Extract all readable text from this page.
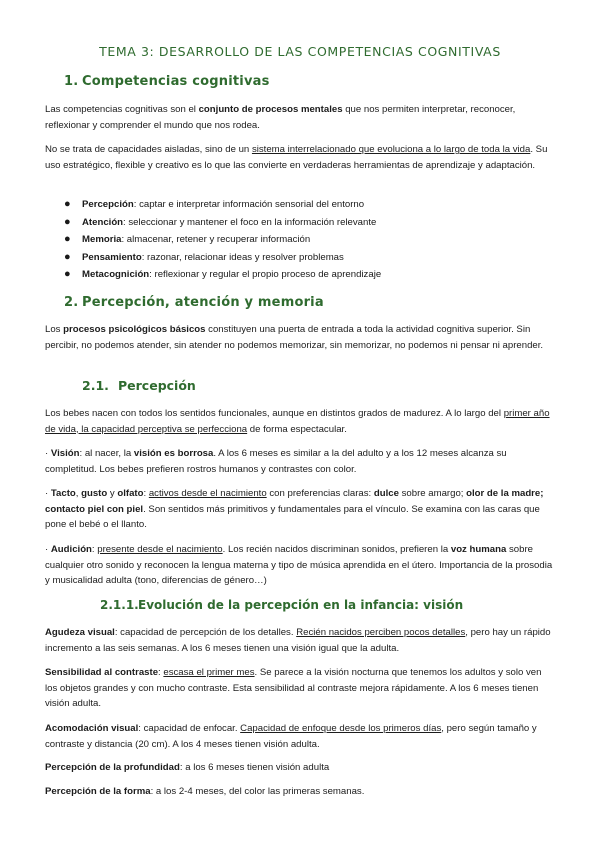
TEMA 3: DESARROLLO DE LAS COMPETENCIAS COGNITIVAS
1. Competencias cognitivas
Las competencias cognitivas son el conjunto de procesos mentales que nos permiten interpretar, reconocer, reflexionar y comprender el mundo que nos rodea.
No se trata de capacidades aisladas, sino de un sistema interrelacionado que evoluciona a lo largo de toda la vida. Su uso estratégico, flexible y creativo es lo que las convierte en verdaderas herramientas de aprendizaje y adaptación.
● Percepción: captar e interpretar información sensorial del entorno
● Atención: seleccionar y mantener el foco en la información relevante
● Memoria: almacenar, retener y recuperar información
● Pensamiento: razonar, relacionar ideas y resolver problemas
● Metacognición: reflexionar y regular el propio proceso de aprendizaje
2. Percepción, atención y memoria
Los procesos psicológicos básicos constituyen una puerta de entrada a toda la actividad cognitiva superior. Sin percibir, no podemos atender, sin atender no podemos memorizar, sin memorizar, no podemos ni pensar ni aprender.
2.1. Percepción
Los bebes nacen con todos los sentidos funcionales, aunque en distintos grados de madurez. A lo largo del primer año de vida, la capacidad perceptiva se perfecciona de forma espectacular.
· Visión: al nacer, la visión es borrosa. A los 6 meses es similar a la del adulto y a los 12 meses alcanza su completitud. Los bebes prefieren rostros humanos y contrastes con color.
· Tacto, gusto y olfato: activos desde el nacimiento con preferencias claras: dulce sobre amargo; olor de la madre; contacto piel con piel. Son sentidos más primitivos y fundamentales para el vínculo. Se examina con las caras que pone el bebé o el llanto.
· Audición: presente desde el nacimiento. Los recién nacidos discriminan sonidos, prefieren la voz humana sobre cualquier otro sonido y reconocen la lengua materna y tipo de música aprendida en el útero. Importancia de la prosodia y musicalidad adulta (tono, diferencias de género…)
2.1.1.Evolución de la percepción en la infancia: visión
Agudeza visual: capacidad de percepción de los detalles. Recién nacidos perciben pocos detalles, pero hay un rápido incremento a las seis semanas. A los 6 meses tienen una visión igual que la adulta.
Sensibilidad al contraste: escasa el primer mes. Se parece a la visión nocturna que tenemos los adultos y solo ven los objetos grandes y con mucho contraste. Esta sensibilidad al contraste mejora rápidamente. A los 6 meses tienen visión adulta.
Acomodación visual: capacidad de enfocar. Capacidad de enfoque desde los primeros días, pero según tamaño y contraste y distancia (20 cm). A los 4 meses tienen visión adulta.
Percepción de la profundidad: a los 6 meses tienen visión adulta
Percepción de la forma: a los 2-4 meses, del color las primeras semanas.
